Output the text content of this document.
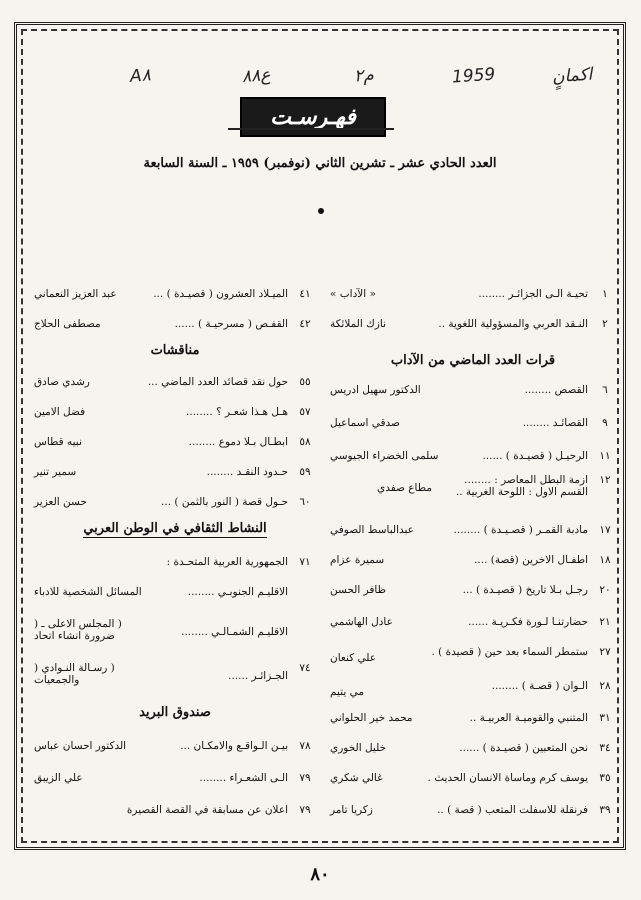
اکمانٍ
1959
۲م
۸۸ع
A۸
فهـرسـت
العدد الحادي عشر ـ تشرين الثاني (نوفمبر) ١٩٥٩ ـ السنة السابعة
١
تحيـة الـى الجزائـر ........
« الآداب »
٢
النـقد العربي والمسؤولية اللغوية ..
نازك الملائكة
قرات العدد الماضي من الآداب
٦
القصص ........
الدكتور سهيل ادريس
٩
القصائـد ........
صدقي اسماعيل
١١
الرحيـل ( قصيـدة ) ......
سلمى الخضراء الجيوسي
١٢
ازمة البطل المعاصر : ........ القسم الاول : اللوحة الغربية ..
مطاع صفدي
١٧
مادبة القمـر ( قصـيـدة ) ........
عبدالباسط الصوفي
١٨
اطفـال الاخرين (قصة) ....
سميرة عزام
٢٠
رجـل بـلا تاريخ ( قصيـدة ) ...
ظافر الحسن
٢١
حضارتنـا لـورة فكـريـة ......
عادل الهاشمي
٢٧
ستمطر السماء بعد حين ( قصيدة ) .
علي كنعان
٢٨
الـوان ( قصـة ) ........
مي يتيم
٣١
المتنبي والقوميـة العربيـة ..
محمد خير الحلواني
٣٤
نحن المتعبين ( قصيـدة ) ......
خليل الخوري
٣٥
يوسف كرم وماساة الانسان الحديث .
غالي شكري
٣٩
فرنقلة للاسفلت المتعب ( قصة ) ..
زكريا تامر
٤١
الميـلاد العشرون ( قصيـدة ) ...
عبد العزيز النعماني
٤٢
القفـص ( مسرحيـة ) ......
مصطفى الحلاج
مناقشات
٥٥
حول نقد قصائد العدد الماضي ...
رشدي صادق
٥٧
هـل هـذا شعـر ؟ ........
فضل الامين
٥٨
ابطـال بـلا دموع ........
نبيه قطاس
٥٩
حـدود النقـد ........
سمير تنير
٦٠
حـول قصة ( النور بالثمن ) ...
حسن العزير
النشاط الثقافي في الوطن العربي
٧١
الجمهورية العربية المتحـدة :
الاقليـم الجنوبـي ........
المسائل الشخصية للادباء
الاقليـم الشمـالـي ........
( المجلس الاعلى ـ ( ضرورة انشاء اتحاد
٧٤
الجـزائـر ......
( رسـالة النـوادي ( والجمعيات
صندوق البريد
٧٨
بيـن الـواقـع والامكـان ...
الدكتور احسان عباس
٧٩
الـى الشعـراء ........
علي الزيبق
٧٩
اعلان عن مسابقة في القصة القصيرة
٨٠
